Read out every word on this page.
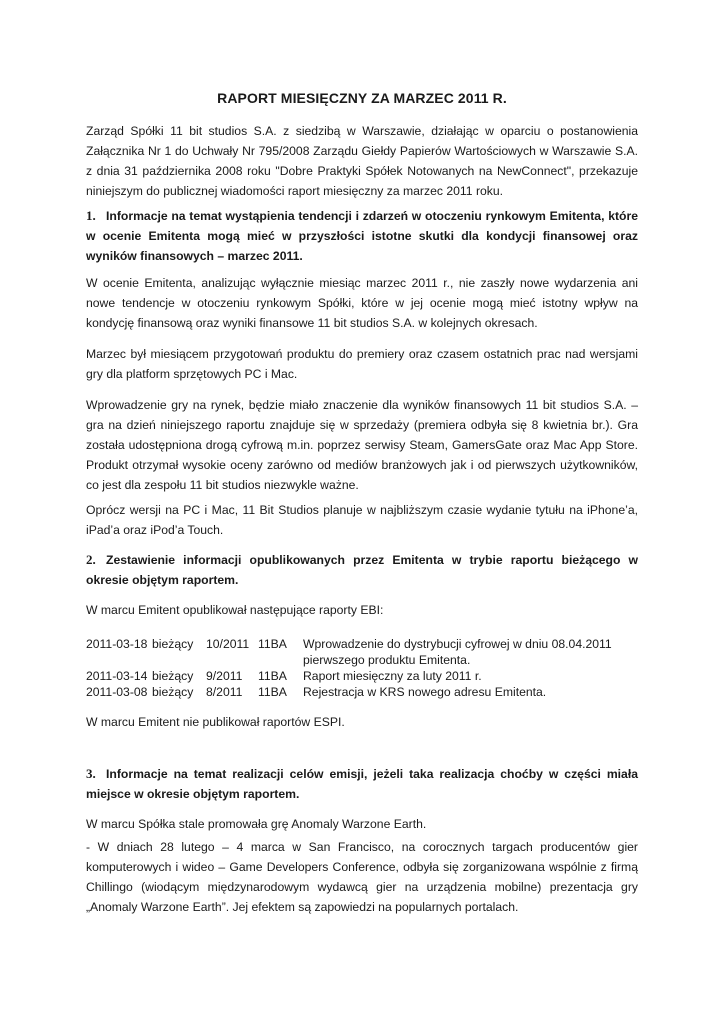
RAPORT MIESIĘCZNY ZA MARZEC 2011 R.

Zarząd Spółki 11 bit studios S.A. z siedzibą w Warszawie, działając w oparciu o postanowienia Załącznika Nr 1 do Uchwały Nr 795/2008 Zarządu Giełdy Papierów Wartościowych w Warszawie S.A. z dnia 31 października 2008 roku "Dobre Praktyki Spółek Notowanych na NewConnect", przekazuje niniejszym do publicznej wiadomości raport miesięczny za marzec 2011 roku.

1. Informacje na temat wystąpienia tendencji i zdarzeń w otoczeniu rynkowym Emitenta, które w ocenie Emitenta mogą mieć w przyszłości istotne skutki dla kondycji finansowej oraz wyników finansowych – marzec 2011.

W ocenie Emitenta, analizując wyłącznie miesiąc marzec 2011 r., nie zaszły nowe wydarzenia ani nowe tendencje w otoczeniu rynkowym Spółki, które w jej ocenie mogą mieć istotny wpływ na kondycję finansową oraz wyniki finansowe 11 bit studios S.A. w kolejnych okresach.

Marzec był miesiącem przygotowań produktu do premiery oraz czasem ostatnich prac nad wersjami gry dla platform sprzętowych PC i Mac.

Wprowadzenie gry na rynek, będzie miało znaczenie dla wyników finansowych 11 bit studios S.A. – gra na dzień niniejszego raportu znajduje się w sprzedaży (premiera odbyła się 8 kwietnia br.). Gra została udostępniona drogą cyfrową m.in. poprzez serwisy Steam, GamersGate oraz Mac App Store. Produkt otrzymał wysokie oceny zarówno od mediów branżowych jak i od pierwszych użytkowników, co jest dla zespołu 11 bit studios niezwykle ważne.

Oprócz wersji na PC i Mac, 11 Bit Studios planuje w najbliższym czasie wydanie tytułu na iPhone’a, iPad’a oraz iPod’a Touch.

2. Zestawienie informacji opublikowanych przez Emitenta w trybie raportu bieżącego w okresie objętym raportem.

W marcu Emitent opublikował następujące raporty EBI:

2011-03-18 bieżący	10/2011 11BA	Wprowadzenie do dystrybucji cyfrowej w dniu 08.04.2011
pierwszego produktu Emitenta.
2011-03-14 bieżący	9/2011	11BA	Raport miesięczny za luty 2011 r.
2011-03-08 bieżący	8/2011	11BA	Rejestracja w KRS nowego adresu Emitenta.

W marcu Emitent nie publikował raportów ESPI.

3. Informacje na temat realizacji celów emisji, jeżeli taka realizacja choćby w części miała miejsce w okresie objętym raportem.

W marcu Spółka stale promowała grę Anomaly Warzone Earth.

- W dniach 28 lutego – 4 marca w San Francisco, na corocznych targach producentów gier komputerowych i wideo – Game Developers Conference, odbyła się zorganizowana wspólnie z firmą Chillingo (wiodącym międzynarodowym wydawcą gier na urządzenia mobilne) prezentacja gry „Anomaly Warzone Earth”. Jej efektem są zapowiedzi na popularnych portalach.
